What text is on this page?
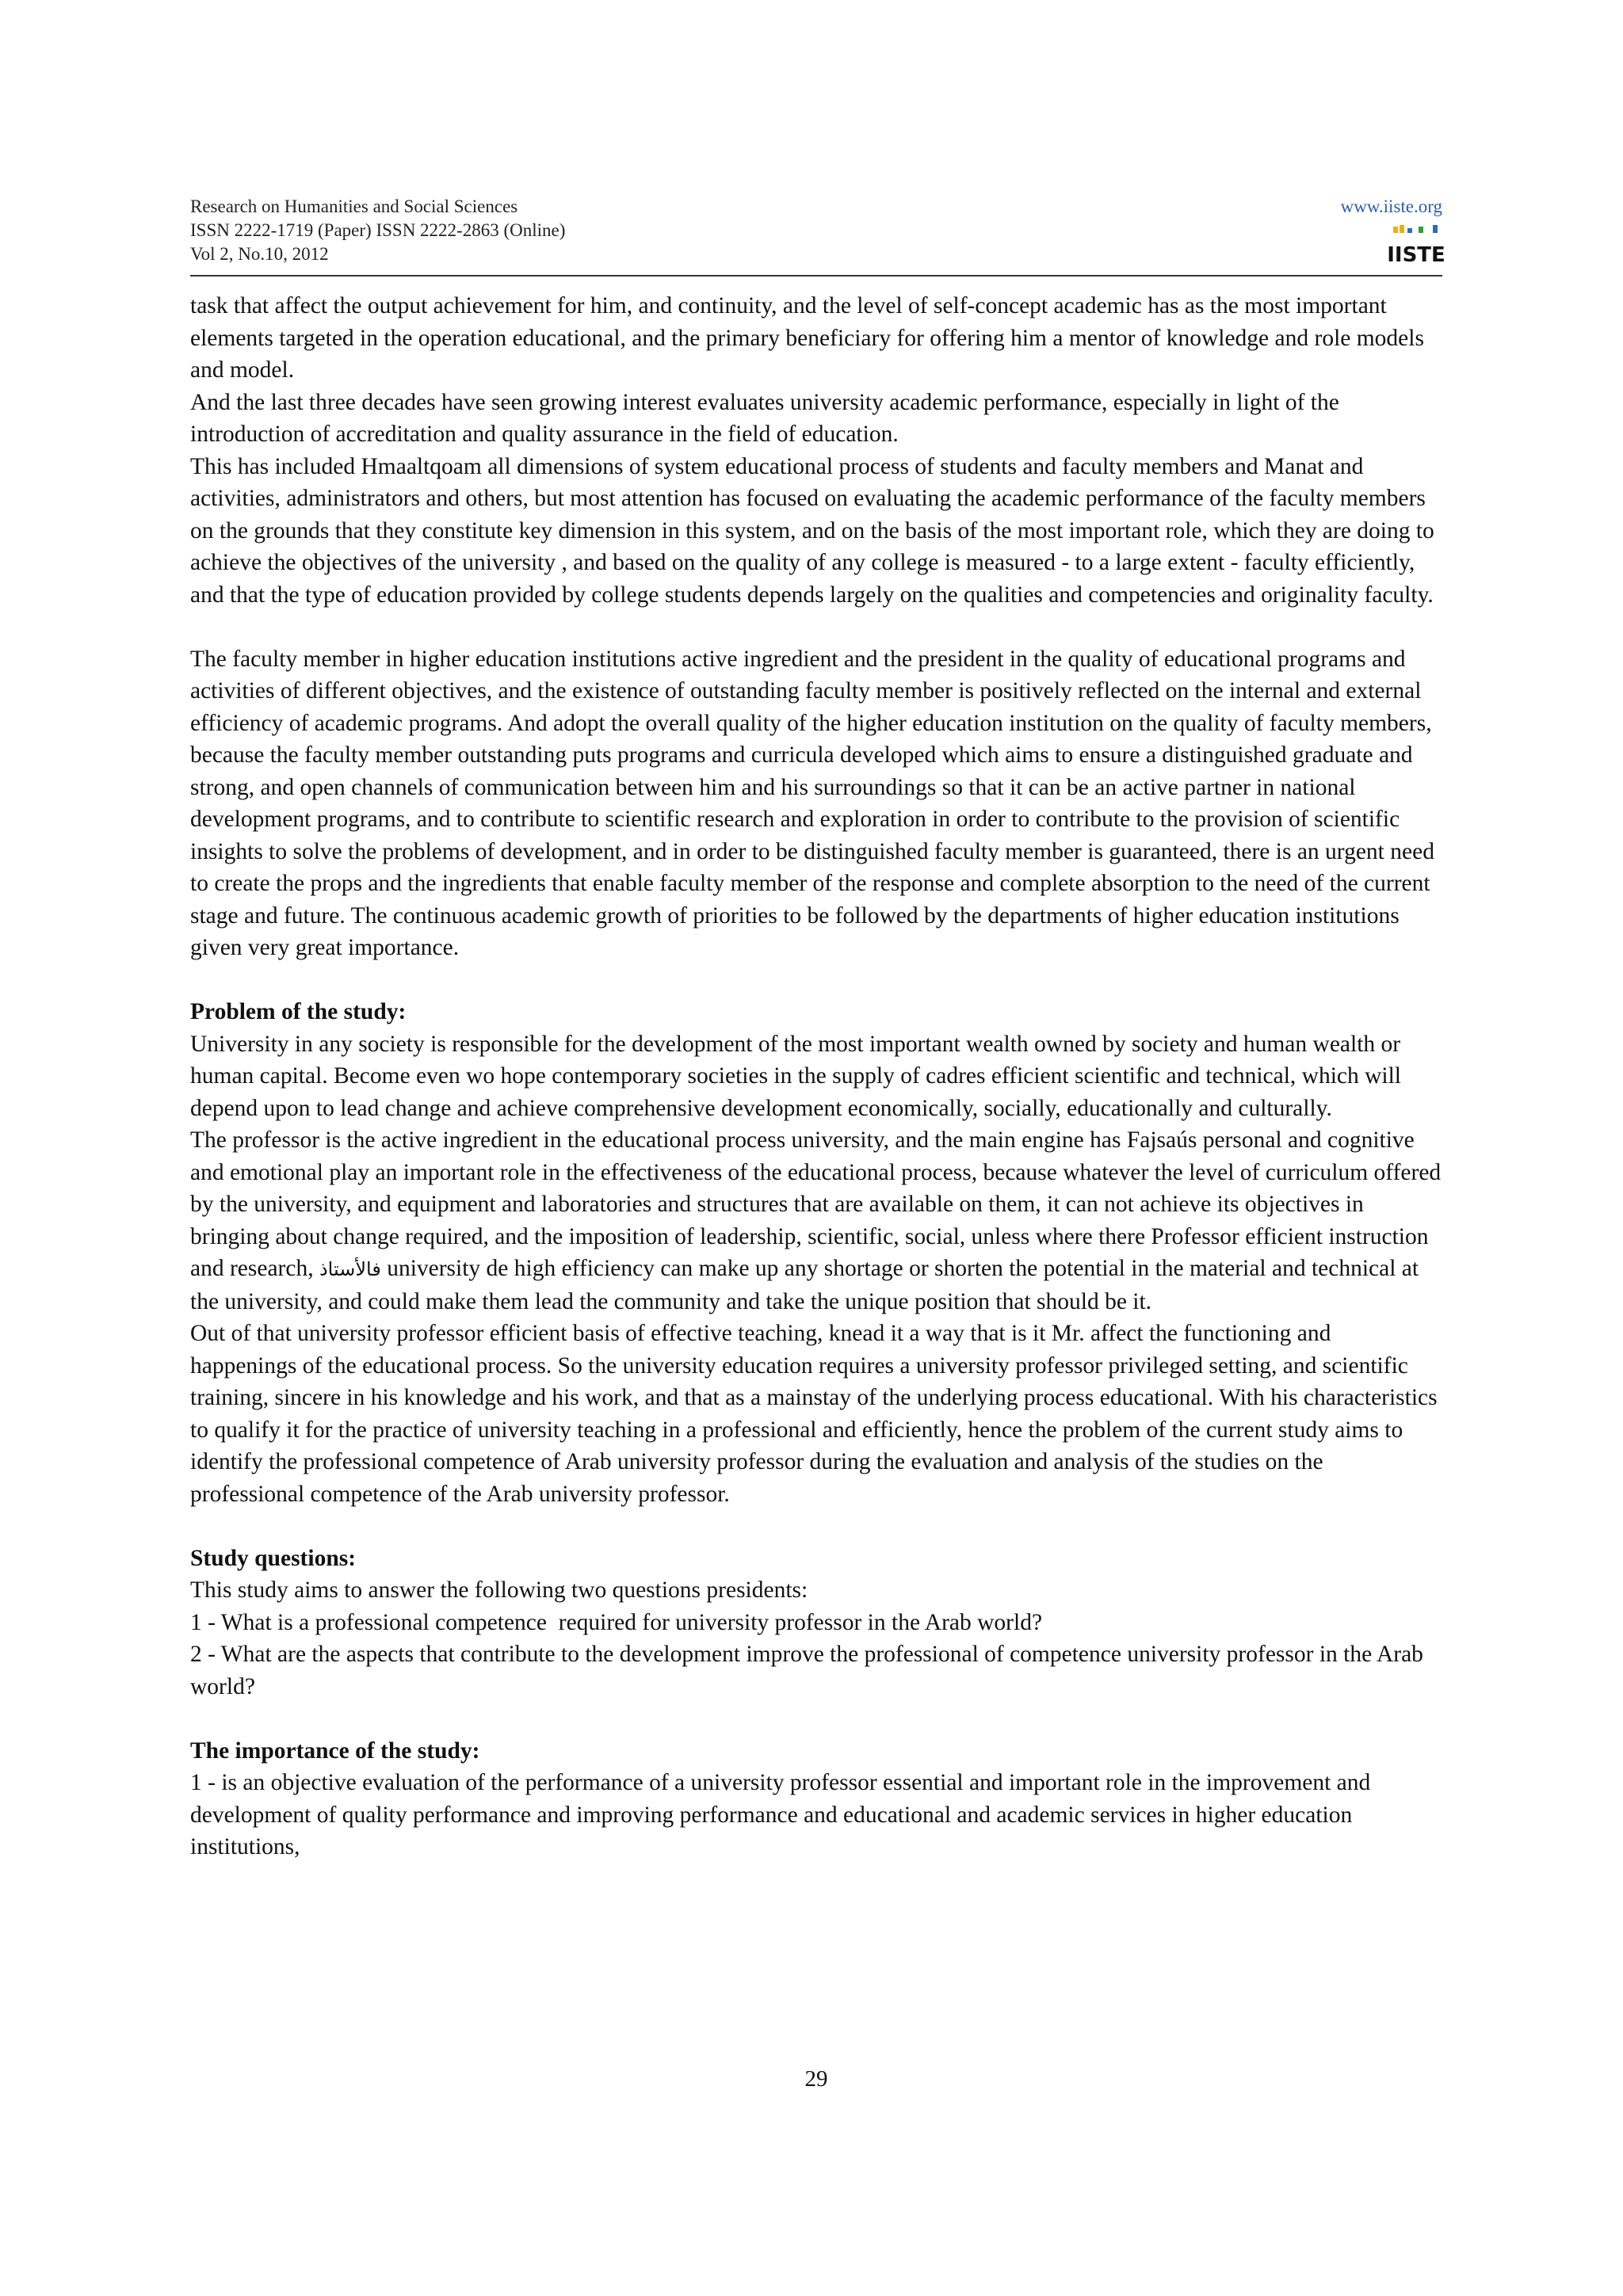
Research on Humanities and Social Sciences
ISSN 2222-1719 (Paper) ISSN 2222-2863 (Online)
Vol 2, No.10, 2012
www.iiste.org
IISTE

task that affect the output achievement for him, and continuity, and the level of self-concept academic has as the most important elements targeted in the operation educational, and the primary beneficiary for offering him a mentor of knowledge and role models and model.

And the last three decades have seen growing interest evaluates university academic performance, especially in light of the introduction of accreditation and quality assurance in the field of education.

This has included Hmaaltqoam all dimensions of system educational process of students and faculty members and Manat and activities, administrators and others, but most attention has focused on evaluating the academic performance of the faculty members on the grounds that they constitute key dimension in this system, and on the basis of the most important role, which they are doing to achieve the objectives of the university , and based on the quality of any college is measured - to a large extent - faculty efficiently, and that the type of education provided by college students depends largely on the qualities and competencies and originality faculty.

The faculty member in higher education institutions active ingredient and the president in the quality of educational programs and activities of different objectives, and the existence of outstanding faculty member is positively reflected on the internal and external efficiency of academic programs. And adopt the overall quality of the higher education institution on the quality of faculty members, because the faculty member outstanding puts programs and curricula developed which aims to ensure a distinguished graduate and strong, and open channels of communication between him and his surroundings so that it can be an active partner in national development programs, and to contribute to scientific research and exploration in order to contribute to the provision of scientific insights to solve the problems of development, and in order to be distinguished faculty member is guaranteed, there is an urgent need to create the props and the ingredients that enable faculty member of the response and complete absorption to the need of the current stage and future. The continuous academic growth of priorities to be followed by the departments of higher education institutions given very great importance.

Problem of the study:

University in any society is responsible for the development of the most important wealth owned by society and human wealth or human capital. Become even wo hope contemporary societies in the supply of cadres efficient scientific and technical, which will depend upon to lead change and achieve comprehensive development economically, socially, educationally and culturally.

The professor is the active ingredient in the educational process university, and the main engine has Fajsaús personal and cognitive and emotional play an important role in the effectiveness of the educational process, because whatever the level of curriculum offered by the university, and equipment and laboratories and structures that are available on them, it can not achieve its objectives in bringing about change required, and the imposition of leadership, scientific, social, unless where there Professor efficient instruction and research, فالأستاذ university de high efficiency can make up any shortage or shorten the potential in the material and technical at the university, and could make them lead the community and take the unique position that should be it.

Out of that university professor efficient basis of effective teaching, knead it a way that is it Mr. affect the functioning and happenings of the educational process. So the university education requires a university professor privileged setting, and scientific training, sincere in his knowledge and his work, and that as a mainstay of the underlying process educational. With his characteristics to qualify it for the practice of university teaching in a professional and efficiently, hence the problem of the current study aims to identify the professional competence of Arab university professor during the evaluation and analysis of the studies on the professional competence of the Arab university professor.

Study questions:

This study aims to answer the following two questions presidents:

1 - What is a professional competence  required for university professor in the Arab world?

2 - What are the aspects that contribute to the development improve the professional of competence university professor in the Arab world?

The importance of the study:

1 - is an objective evaluation of the performance of a university professor essential and important role in the improvement and development of quality performance and improving performance and educational and academic services in higher education institutions,

29
